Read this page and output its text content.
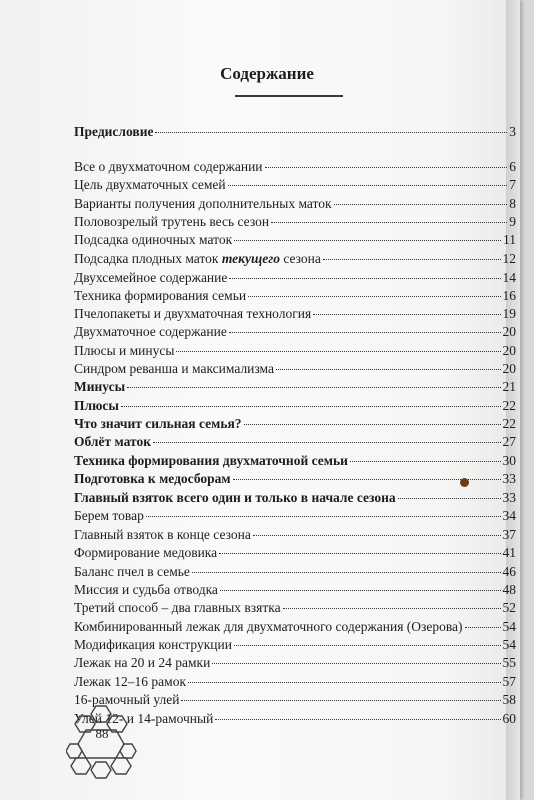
Содержание
Предисловие	3
Все о двухматочном содержании	6
Цель двухматочных семей	7
Варианты получения дополнительных маток	8
Половозрелый трутень весь сезон	9
Подсадка одиночных маток	11
Подсадка плодных маток текущего сезона	12
Двухсемейное содержание	14
Техника формирования семьи	16
Пчелопакеты и двухматочная технология	19
Двухматочное содержание	20
Плюсы и минусы	20
Синдром реванша и максимализма	20
Минусы	21
Плюсы	22
Что значит сильная семья?	22
Облёт маток	27
Техника формирования двухматочной семьи	30
Подготовка к медосборам	33
Главный взяток всего один и только в начале сезона	33
Берем товар	34
Главный взяток в конце сезона	37
Формирование медовика	41
Баланс пчел в семье	46
Миссия и судьба отводка	48
Третий способ – два главных взятка	52
Комбинированный лежак для двухматочного содержания (Озерова)	54
Модификация конструкции	54
Лежак на 20 и 24 рамки	55
Лежак 12–16 рамок	57
16-рамочный улей	58
Улей 12- и 14-рамочный	60
88
